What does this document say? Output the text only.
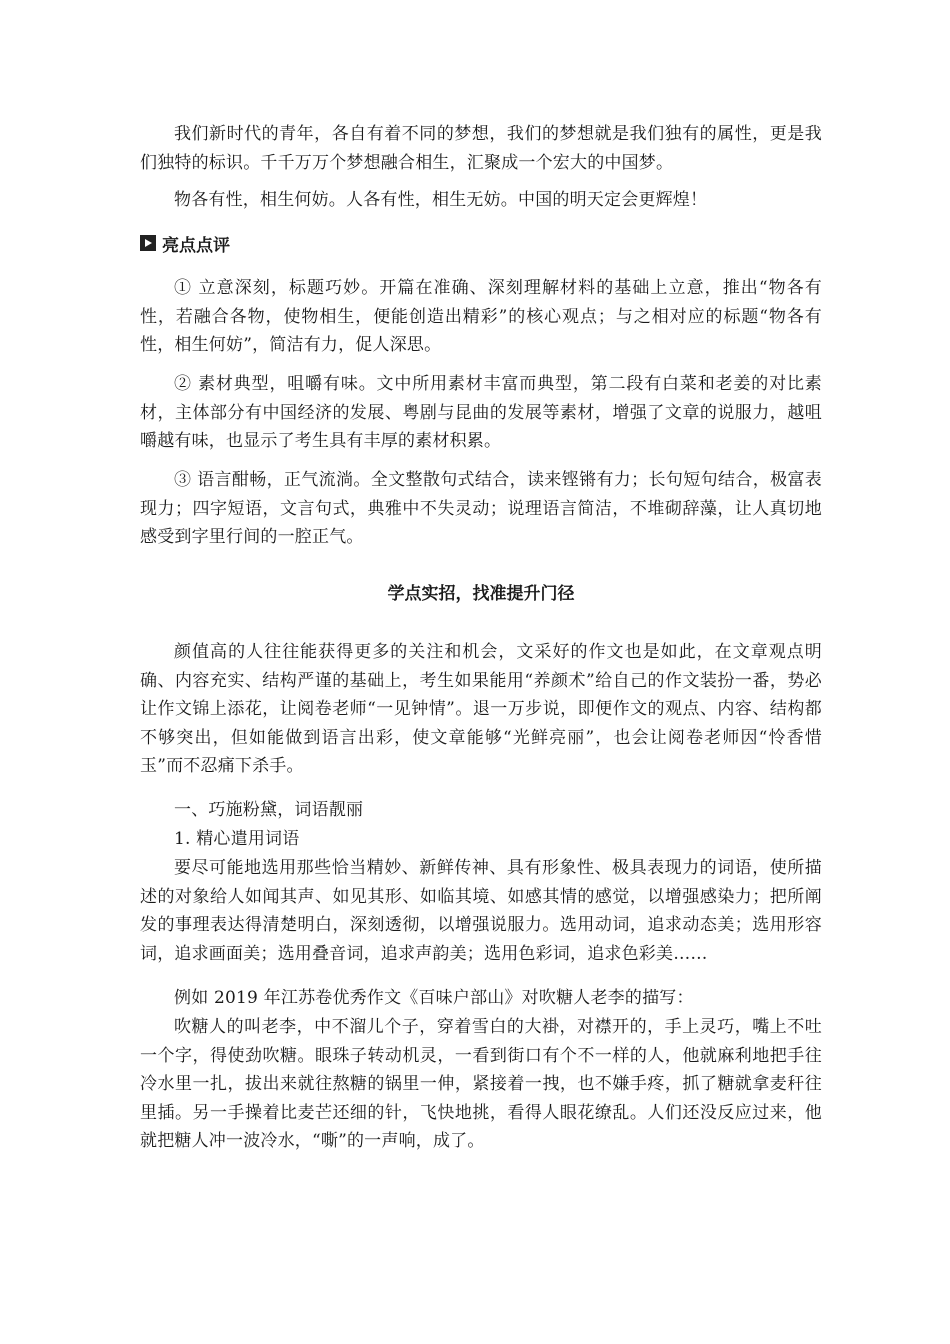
我们新时代的青年，各自有着不同的梦想，我们的梦想就是我们独有的属性，更是我们独特的标识。千千万万个梦想融合相生，汇聚成一个宏大的中国梦。

物各有性，相生何妨。人各有性，相生无妨。中国的明天定会更辉煌！

亮点点评

① 立意深刻，标题巧妙。开篇在准确、深刻理解材料的基础上立意，推出“物各有性，若融合各物，使物相生，便能创造出精彩”的核心观点；与之相对应的标题“物各有性，相生何妨”，简洁有力，促人深思。

② 素材典型，咀嚼有味。文中所用素材丰富而典型，第二段有白菜和老姜的对比素材，主体部分有中国经济的发展、粤剧与昆曲的发展等素材，增强了文章的说服力，越咀嚼越有味，也显示了考生具有丰厚的素材积累。

③ 语言酣畅，正气流淌。全文整散句式结合，读来铿锵有力；长句短句结合，极富表现力；四字短语，文言句式，典雅中不失灵动；说理语言简洁，不堆砌辞藻，让人真切地感受到字里行间的一腔正气。

学点实招，找准提升门径

颜值高的人往往能获得更多的关注和机会，文采好的作文也是如此，在文章观点明确、内容充实、结构严谨的基础上，考生如果能用“养颜术”给自己的作文装扮一番，势必让作文锦上添花，让阅卷老师“一见钟情”。退一万步说，即便作文的观点、内容、结构都不够突出，但如能做到语言出彩，使文章能够“光鲜亮丽”，也会让阅卷老师因“怜香惜玉”而不忍痛下杀手。

一、巧施粉黛，词语靓丽

1. 精心遣用词语

要尽可能地选用那些恰当精妙、新鲜传神、具有形象性、极具表现力的词语，使所描述的对象给人如闻其声、如见其形、如临其境、如感其情的感觉，以增强感染力；把所阐发的事理表达得清楚明白，深刻透彻，以增强说服力。选用动词，追求动态美；选用形容词，追求画面美；选用叠音词，追求声韵美；选用色彩词，追求色彩美……

例如 2019 年江苏卷优秀作文《百味户部山》对吹糖人老李的描写：

吹糖人的叫老李，中不溜儿个子，穿着雪白的大褂，对襟开的，手上灵巧，嘴上不吐一个字，得使劲吹糖。眼珠子转动机灵，一看到街口有个不一样的人，他就麻利地把手往冷水里一扎，拔出来就往熬糖的锅里一伸，紧接着一拽，也不嫌手疼，抓了糖就拿麦秆往里插。另一手操着比麦芒还细的针，飞快地挑，看得人眼花缭乱。人们还没反应过来，他就把糖人冲一波冷水，“嘶”的一声响，成了。
